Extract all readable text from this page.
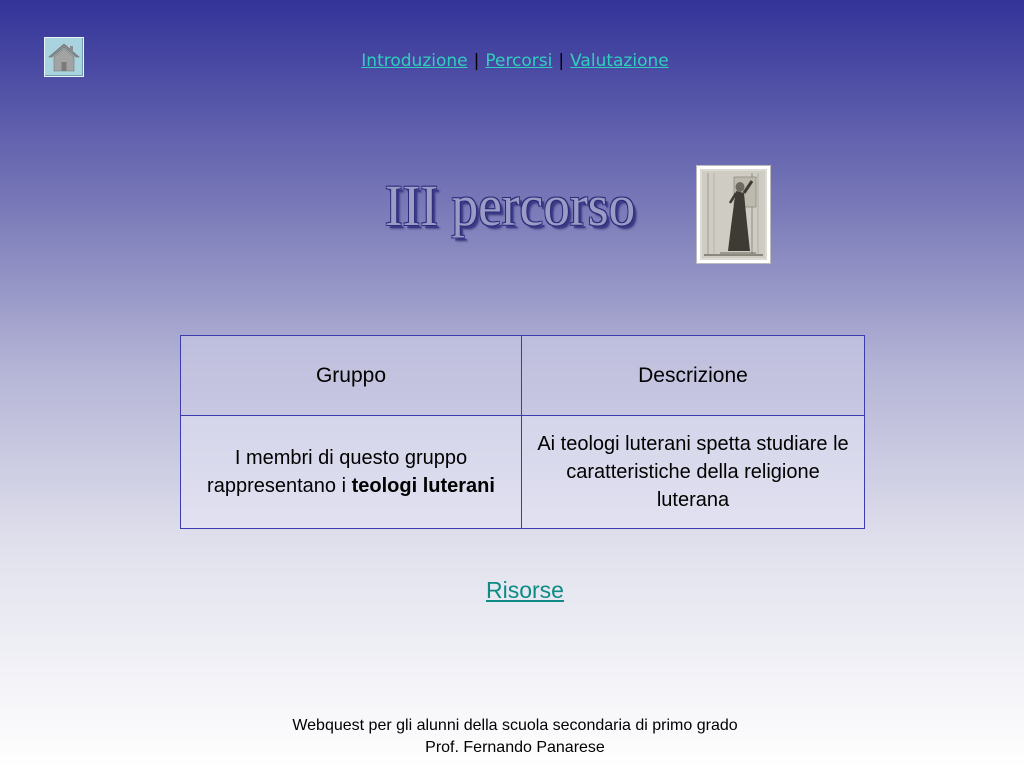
Introduzione | Percorsi | Valutazione
III percorso
Gruppo	Descrizione
I membri di questo gruppo rappresentano i teologi luterani	Ai teologi luterani spetta studiare le caratteristiche della religione luterana
Risorse
Webquest per gli alunni della scuola secondaria di primo grado
Prof. Fernando Panarese
